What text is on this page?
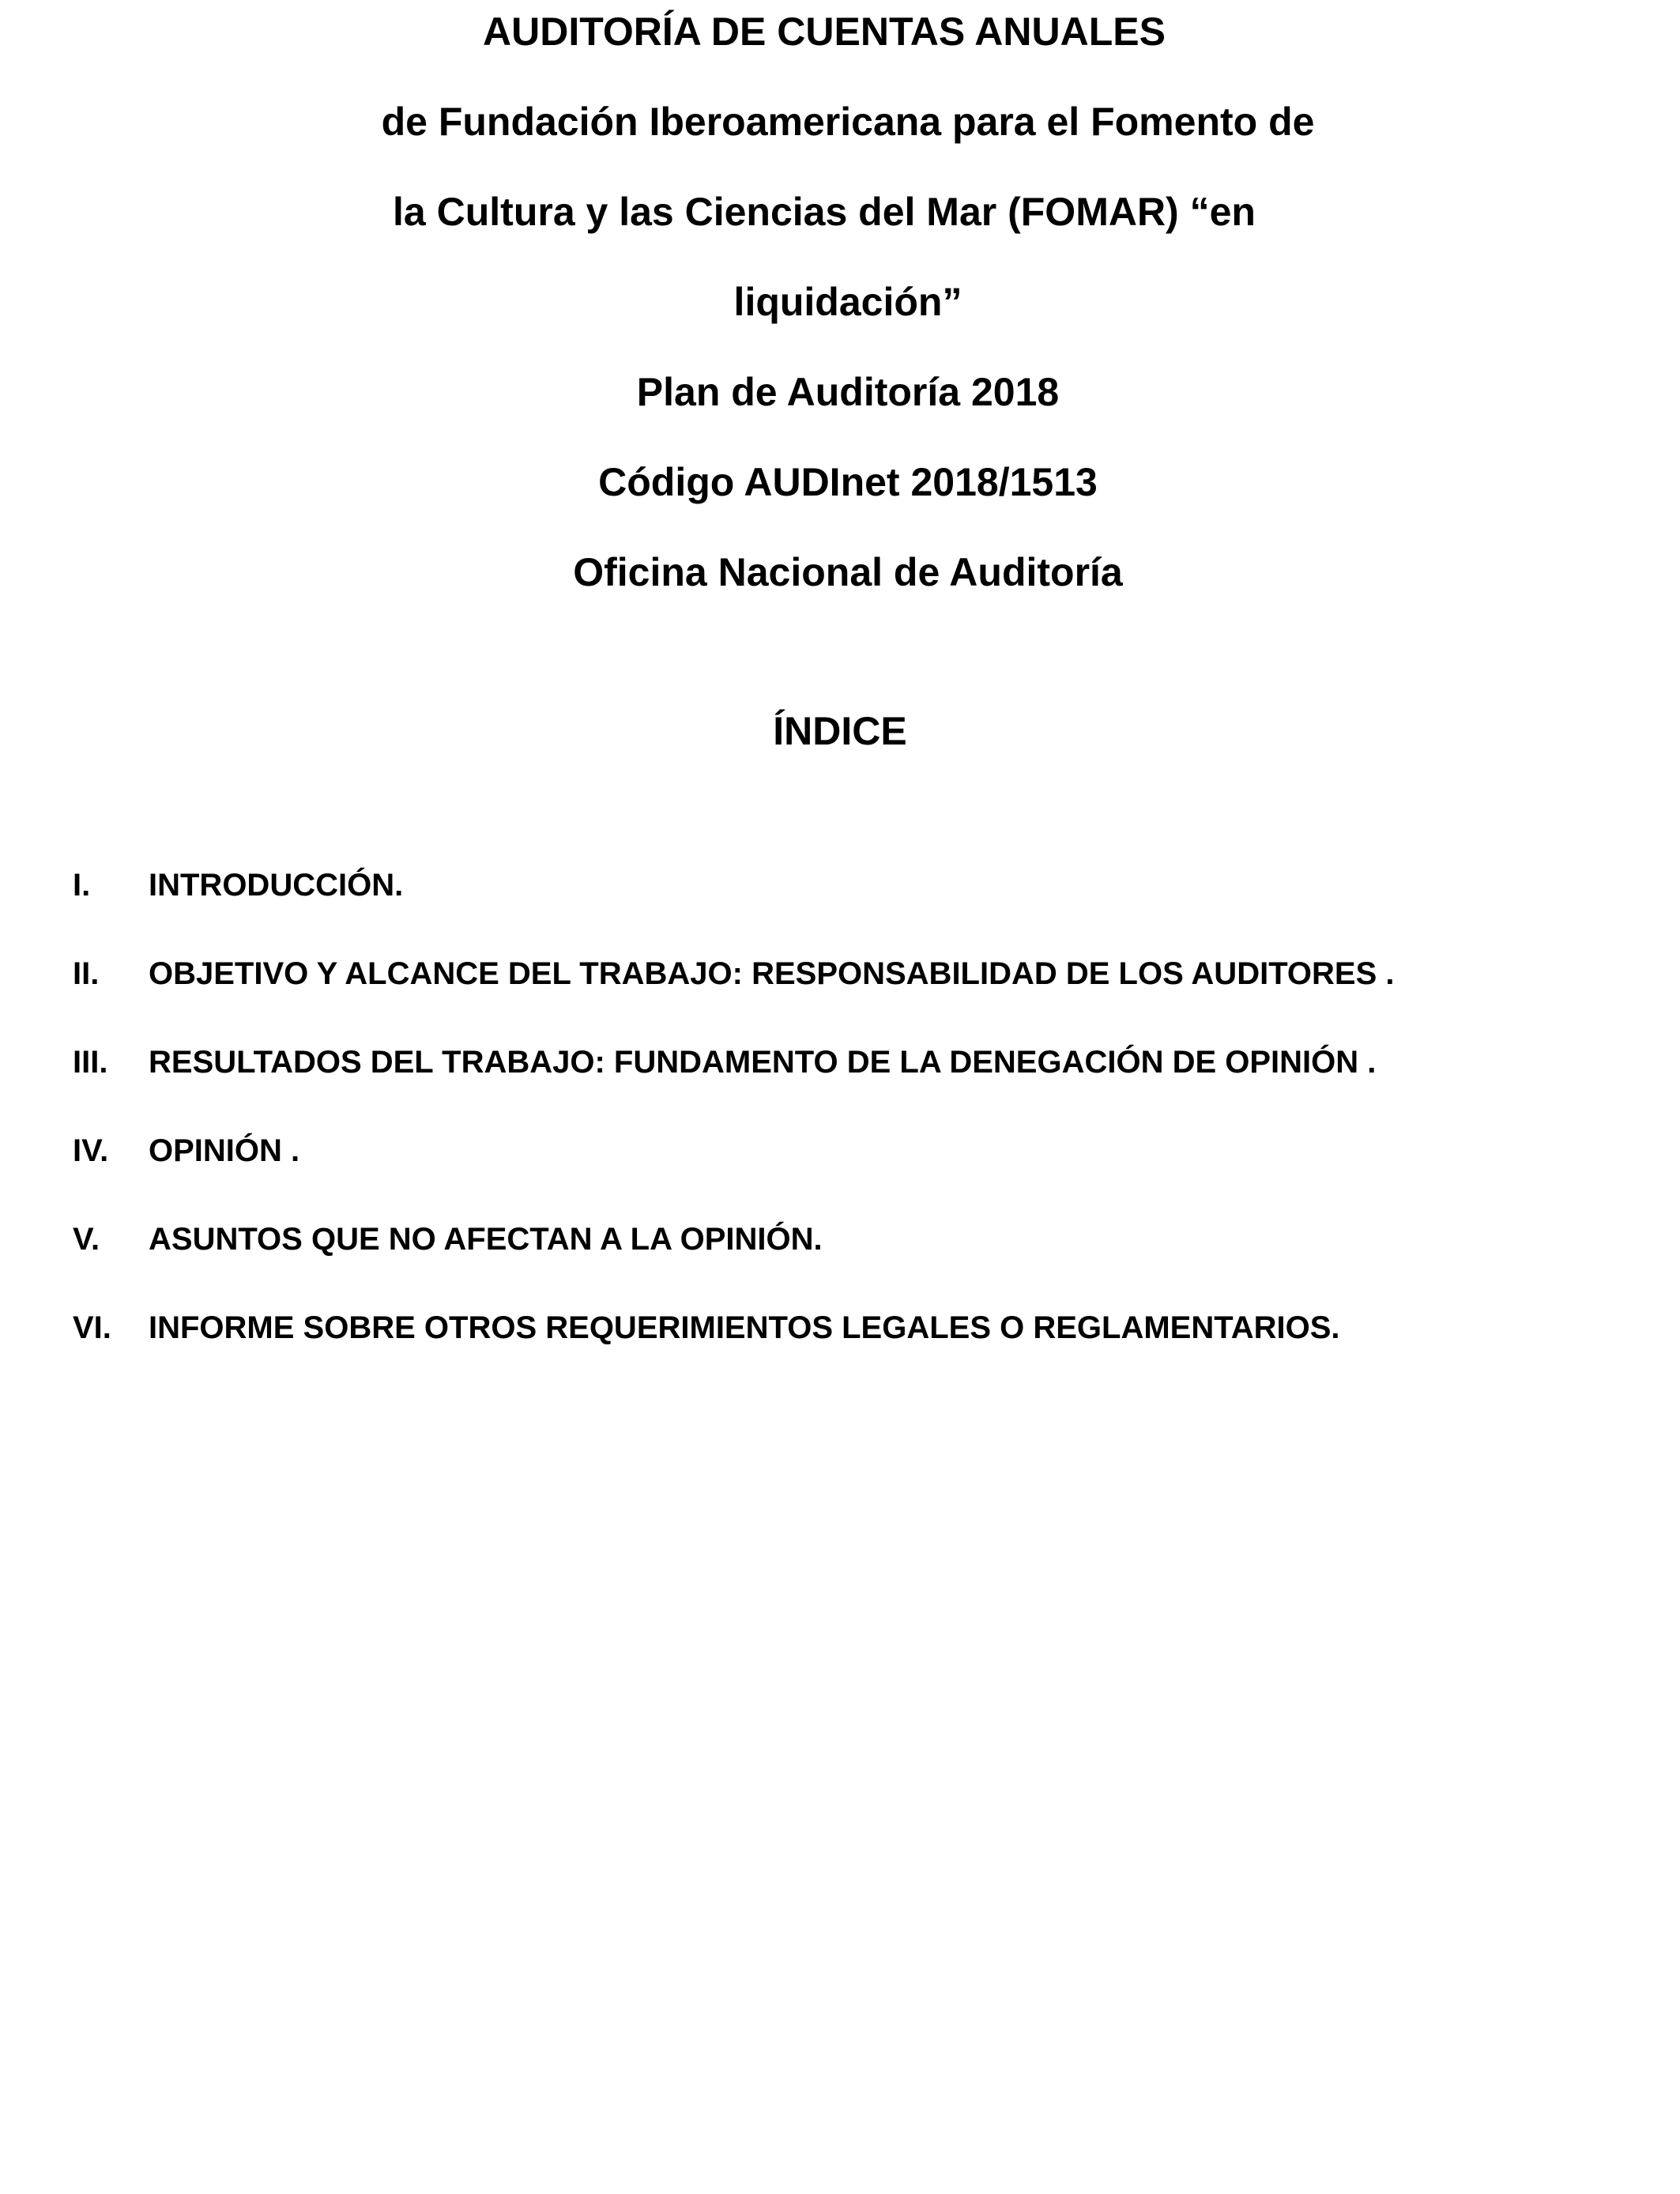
AUDITORÍA DE CUENTAS ANUALES
de Fundación Iberoamericana para el Fomento de
la Cultura y las Ciencias del Mar (FOMAR) “en
liquidación”
Plan de Auditoría 2018
Código AUDInet 2018/1513
Oficina Nacional de Auditoría
ÍNDICE
I.	INTRODUCCIÓN.
II.	OBJETIVO Y ALCANCE DEL TRABAJO: RESPONSABILIDAD DE LOS AUDITORES .
III.	RESULTADOS DEL TRABAJO: FUNDAMENTO DE LA DENEGACIÓN DE OPINIÓN .
IV.	OPINIÓN .
V.	ASUNTOS QUE NO AFECTAN A LA OPINIÓN.
VI.	INFORME SOBRE OTROS REQUERIMIENTOS LEGALES O REGLAMENTARIOS.
